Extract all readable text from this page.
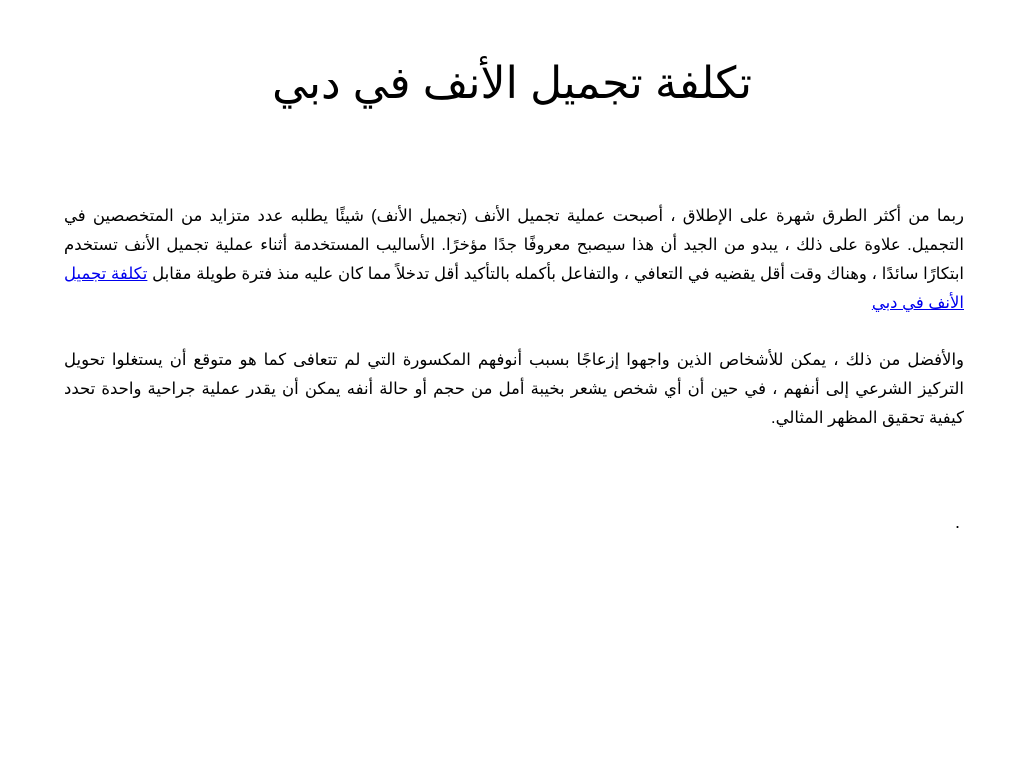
تكلفة تجميل الأنف في دبي

ربما من أكثر الطرق شهرة على الإطلاق ، أصبحت عملية تجميل الأنف (تجميل الأنف) شيئًا يطلبه عدد متزايد من المتخصصين في التجميل. علاوة على ذلك ، يبدو من الجيد أن هذا سيصبح معروفًا جدًا مؤخرًا. الأساليب المستخدمة أثناء عملية تجميل الأنف تستخدم ابتكارًا سائدًا ، وهناك وقت أقل يقضيه في التعافي ، والتفاعل بأكمله بالتأكيد أقل تدخلاً مما كان عليه منذ فترة طويلة مقابل تكلفة تجميل الأنف في دبي

والأفضل من ذلك ، يمكن للأشخاص الذين واجهوا إزعاجًا بسبب أنوفهم المكسورة التي لم تتعافى كما هو متوقع أن يستغلوا تحويل التركيز الشرعي إلى أنفهم ، في حين أن أي شخص يشعر بخيبة أمل من حجم أو حالة أنفه يمكن أن يقدر عملية جراحية واحدة تحدد كيفية تحقيق المظهر المثالي.

.
